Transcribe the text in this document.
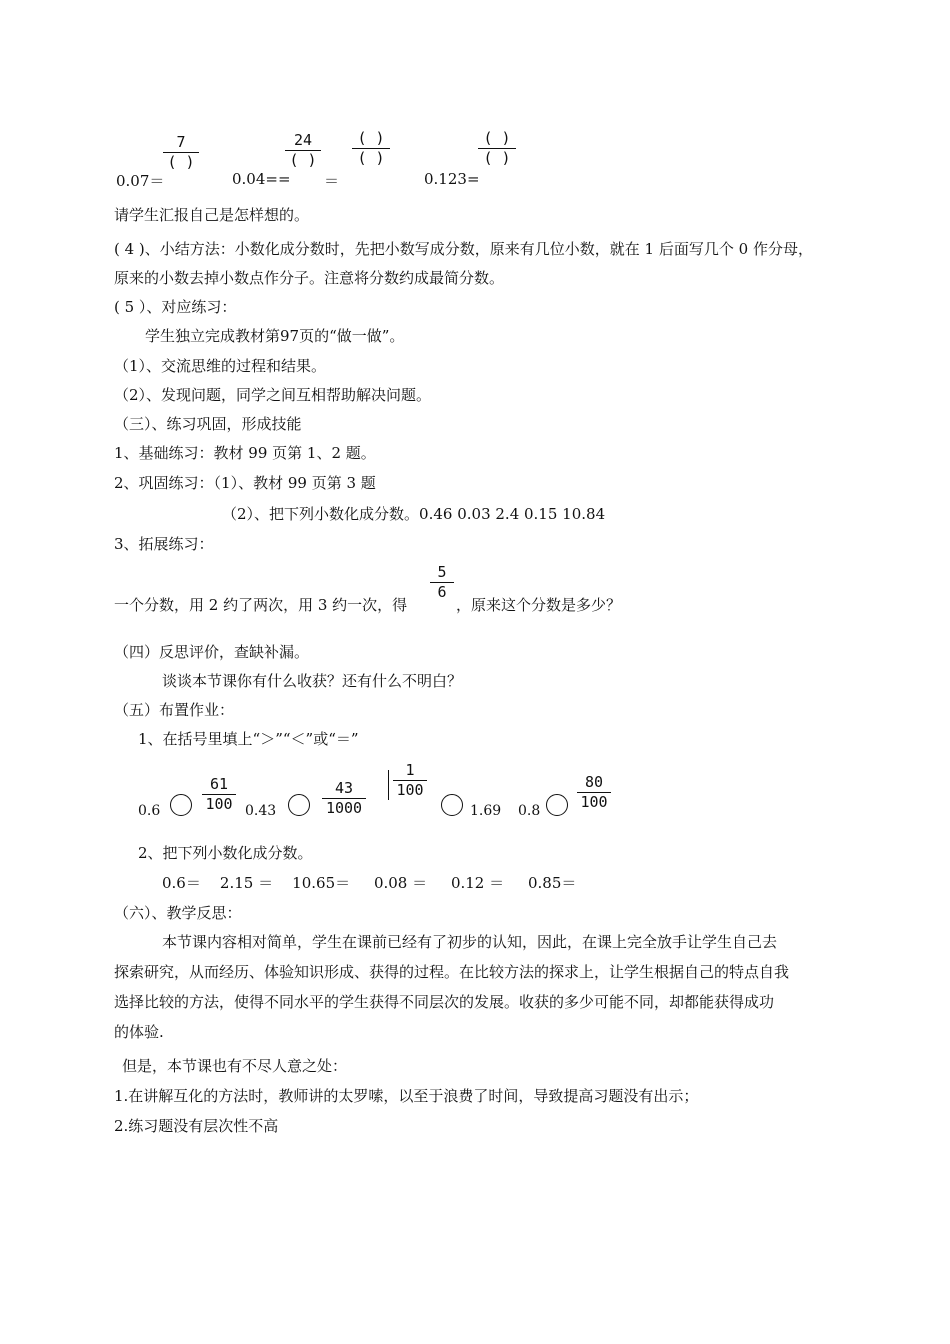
0.07＝
7
( )
0.04==
24
( )
＝
( )
( )
0.123=
( )
( )
请学生汇报自己是怎样想的。
( 4 )、小结方法：小数化成分数时，先把小数写成分数，原来有几位小数，就在 1 后面写几个 0 作分母，
原来的小数去掉小数点作分子。注意将分数约成最简分数。
( 5 ）、对应练习：
学生独立完成教材第97页的“做一做”。
（1）、交流思维的过程和结果。
（2）、发现问题，同学之间互相帮助解决问题。
（三）、练习巩固，形成技能
1、基础练习：教材 99 页第 1、2 题。
2、巩固练习：（1）、教材 99 页第 3 题
（2）、把下列小数化成分数。0.46 0.03 2.4 0.15 10.84
3、拓展练习：
一个分数，用 2 约了两次，用 3 约一次，得
5
6
，原来这个分数是多少？
（四）反思评价，查缺补漏。
谈谈本节课你有什么收获？还有什么不明白？
（五）布置作业：
1、在括号里填上“＞”“＜”或“＝”
0.6
61
100 0.43
43
1000
1
100
1.69 0.8
80
100
2、把下列小数化成分数。
0.6＝    2.15 ＝    10.65＝     0.08 ＝     0.12 ＝     0.85＝
（六）、教学反思：
本节课内容相对简单，学生在课前已经有了初步的认知，因此，在课上完全放手让学生自己去
探索研究，从而经历、体验知识形成、获得的过程。在比较方法的探求上，让学生根据自己的特点自我
选择比较的方法，使得不同水平的学生获得不同层次的发展。收获的多少可能不同，却都能获得成功
的体验.
但是，本节课也有不尽人意之处：
1.在讲解互化的方法时，教师讲的太罗嗦，以至于浪费了时间，导致提高习题没有出示；
2.练习题没有层次性不高
